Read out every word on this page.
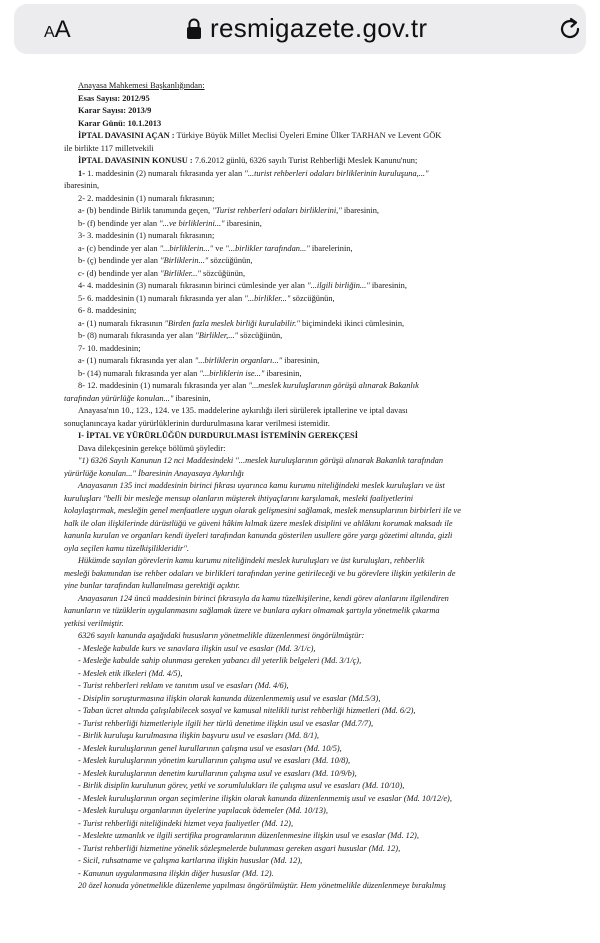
AA	resmigazete.gov.tr
Anayasa Mahkemesi Başkanlığından:
Esas Sayısı: 2012/95
Karar Sayısı: 2013/9
Karar Günü: 10.1.2013
İPTAL DAVASINI AÇAN : Türkiye Büyük Millet Meclisi Üyeleri Emine Ülker TARHAN ve Levent GÖK
ile birlikte 117 milletvekili
İPTAL DAVASININ KONUSU : 7.6.2012 günlü, 6326 sayılı Turist Rehberliği Meslek Kanunu'nun;
1- 1. maddesinin (2) numaralı fıkrasında yer alan "...turist rehberleri odaları birliklerinin kuruluşuna,..."
ibaresinin,
2- 2. maddesinin (1) numaralı fıkrasının;
a- (b) bendinde Birlik tanımında geçen, "Turist rehberleri odaları birliklerini," ibaresinin,
b- (f) bendinde yer alan "...ve birliklerini..." ibaresinin,
3- 3. maddesinin (1) numaralı fıkrasının;
a- (c) bendinde yer alan "...birliklerin..." ve "...birlikler tarafından..." ibarelerinin,
b- (ç) bendinde yer alan "Birliklerin..." sözcüğünün,
c- (d) bendinde yer alan "Birlikler..." sözcüğünün,
4- 4. maddesinin (3) numaralı fıkrasının birinci cümlesinde yer alan "...ilgili birliğin..." ibaresinin,
5- 6. maddesinin (1) numaralı fıkrasında yer alan "...birlikler..." sözcüğünün,
6- 8. maddesinin;
a- (1) numaralı fıkrasının "Birden fazla meslek birliği kurulabilir." biçimindeki ikinci cümlesinin,
b- (8) numaralı fıkrasında yer alan "Birlikler,..." sözcüğünün,
7- 10. maddesinin;
a- (1) numaralı fıkrasında yer alan "...birliklerin organları..." ibaresinin,
b- (14) numaralı fıkrasında yer alan "...birliklerin ise..." ibaresinin,
8- 12. maddesinin (1) numaralı fıkrasında yer alan "...meslek kuruluşlarının görüşü alınarak Bakanlık
tarafından yürürlüğe konulan..." ibaresinin,
Anayasa'nın 10., 123., 124. ve 135. maddelerine aykırılığı ileri sürülerek iptallerine ve iptal davası
sonuçlanıncaya kadar yürürlüklerinin durdurulmasına karar verilmesi istemidir.
I- İPTAL VE YÜRÜRLÜĞÜN DURDURULMASI İSTEMİNİN GEREKÇESİ
Dava dilekçesinin gerekçe bölümü şöyledir:
"1) 6326 Sayılı Kanunun 12 nci Maddesindeki "...meslek kuruluşlarının görüşü alınarak Bakanlık tarafından
yürürlüğe konulan..." İbaresinin Anayasaya Aykırılığı
Anayasanın 135 inci maddesinin birinci fıkrası uyarınca kamu kurumu niteliğindeki meslek kuruluşları ve üst
kuruluşları "belli bir mesleğe mensup olanların müşterek ihtiyaçlarını karşılamak, mesleki faaliyetlerini
kolaylaştırmak, mesleğin genel menfaatlere uygun olarak gelişmesini sağlamak, meslek mensuplarının birbirleri ile ve
halk ile olan ilişkilerinde dürüstlüğü ve güveni hâkim kılmak üzere meslek disiplini ve ahlâkını korumak maksadı ile
kanunla kurulan ve organları kendi üyeleri tarafından kanunda gösterilen usullere göre yargı gözetimi altında, gizli
oyla seçilen kamu tüzelkişilikleridir".
Hükümde sayılan görevlerin kamu kurumu niteliğindeki meslek kuruluşları ve üst kuruluşları, rehberlik
mesleği bakımından ise rehber odaları ve birlikleri tarafından yerine getirileceği ve bu görevlere ilişkin yetkilerin de
yine bunlar tarafından kullanılması gerektiği açıktır.
Anayasanın 124 üncü maddesinin birinci fıkrasıyla da kamu tüzelkişilerine, kendi görev alanlarını ilgilendiren
kanunların ve tüzüklerin uygulanmasını sağlamak üzere ve bunlara aykırı olmamak şartıyla yönetmelik çıkarma
yetkisi verilmiştir.
6326 sayılı kanunda aşağıdaki hususların yönetmelikle düzenlenmesi öngörülmüştür:
- Mesleğe kabulde kurs ve sınavlara ilişkin usul ve esaslar (Md. 3/1/c),
- Mesleğe kabulde sahip olunması gereken yabancı dil yeterlik belgeleri (Md. 3/1/ç),
- Meslek etik ilkeleri (Md. 4/5),
- Turist rehberleri reklam ve tanıtım usul ve esasları (Md. 4/6),
- Disiplin soruşturmasına ilişkin olarak kanunda düzenlenmemiş usul ve esaslar (Md.5/3),
- Taban ücret altında çalışılabilecek sosyal ve kamusal nitelikli turist rehberliği hizmetleri (Md. 6/2),
- Turist rehberliği hizmetleriyle ilgili her türlü denetime ilişkin usul ve esaslar (Md.7/7),
- Birlik kuruluşu kurulmasına ilişkin başvuru usul ve esasları (Md. 8/1),
- Meslek kuruluşlarının genel kurullarının çalışma usul ve esasları (Md. 10/5),
- Meslek kuruluşlarının yönetim kurullarının çalışma usul ve esasları (Md. 10/8),
- Meslek kuruluşlarının denetim kurullarının çalışma usul ve esasları (Md. 10/9/b),
- Birlik disiplin kurulunun görev, yetki ve sorumlulukları ile çalışma usul ve esasları (Md. 10/10),
- Meslek kuruluşlarının organ seçimlerine ilişkin olarak kanunda düzenlenmemiş usul ve esaslar (Md. 10/12/e),
- Meslek kuruluşu organlarının üyelerine yapılacak ödemeler (Md. 10/13),
- Turist rehberliği niteliğindeki hizmet veya faaliyetler (Md. 12),
- Meslekte uzmanlık ve ilgili sertifika programlarının düzenlenmesine ilişkin usul ve esaslar (Md. 12),
- Turist rehberliği hizmetine yönelik sözleşmelerde bulunması gereken asgari hususlar (Md. 12),
- Sicil, ruhsatname ve çalışma kartlarına ilişkin hususlar (Md. 12),
- Kanunun uygulanmasına ilişkin diğer hususlar (Md. 12).
20 özel konuda yönetmelikle düzenleme yapılması öngörülmüştür. Hem yönetmelikle düzenlenmeye bırakılmış
